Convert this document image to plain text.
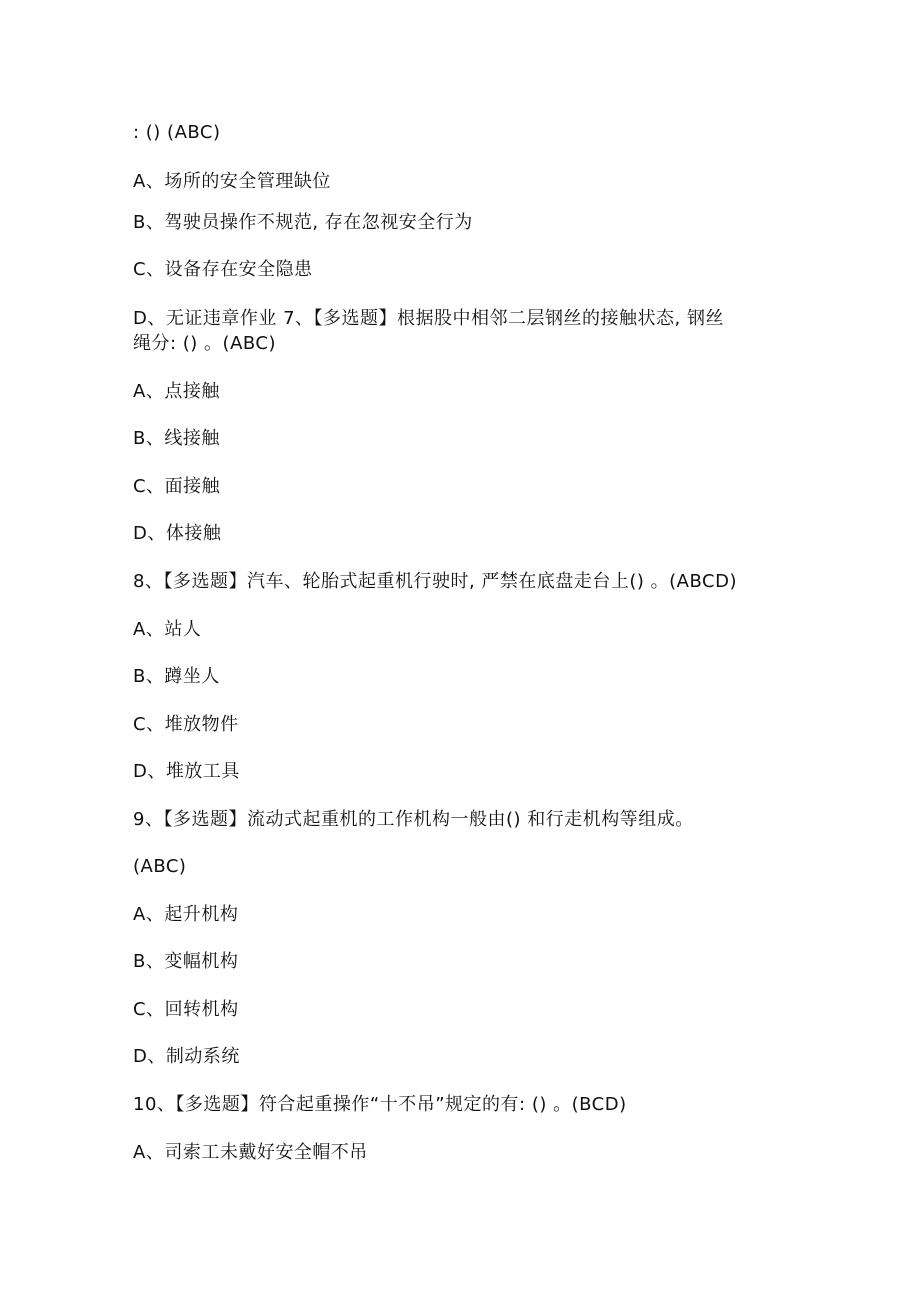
: () (ABC)
A、场所的安全管理缺位
B、驾驶员操作不规范, 存在忽视安全行为
C、设备存在安全隐患
D、无证违章作业 7、【多选题】根据股中相邻二层钢丝的接触状态, 钢丝
绳分: () 。(ABC)
A、点接触
B、线接触
C、面接触
D、体接触
8、【多选题】汽车、轮胎式起重机行驶时, 严禁在底盘走台上() 。(ABCD)
A、站人
B、蹲坐人
C、堆放物件
D、堆放工具
9、【多选题】流动式起重机的工作机构一般由() 和行走机构等组成。
(ABC)
A、起升机构
B、变幅机构
C、回转机构
D、制动系统
10、【多选题】符合起重操作“十不吊”规定的有: () 。(BCD)
A、司索工未戴好安全帽不吊
